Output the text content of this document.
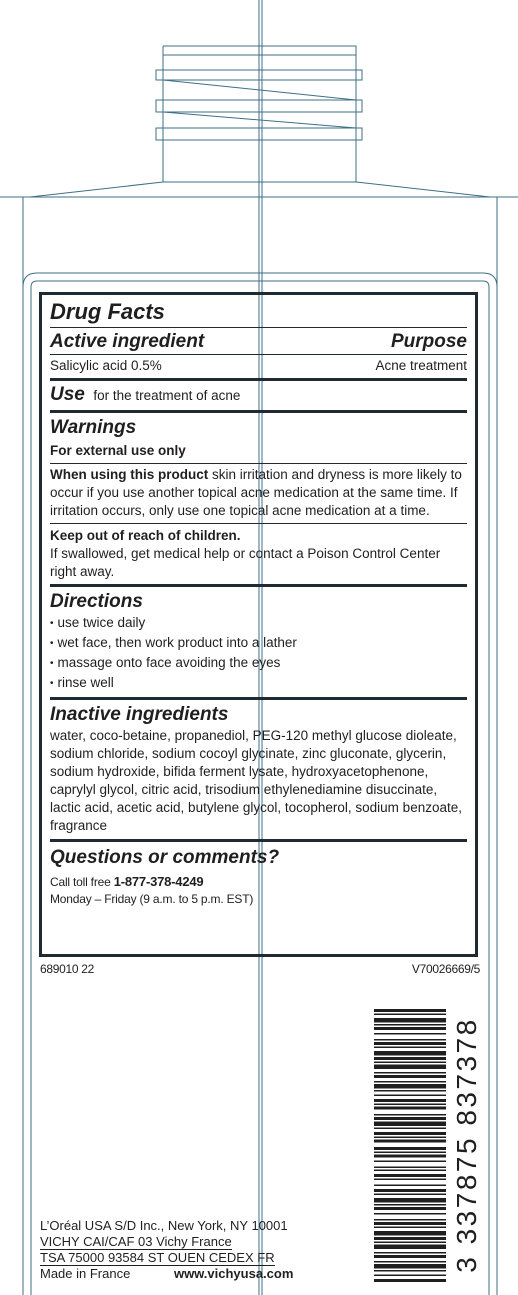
Drug Facts
Active ingredient	Purpose
Salicylic acid 0.5%	Acne treatment
Use for the treatment of acne
Warnings
For external use only
When using this product skin irritation and dryness is more likely to occur if you use another topical acne medication at the same time. If irritation occurs, only use one topical acne medication at a time.
Keep out of reach of children.
If swallowed, get medical help or contact a Poison Control Center right away.
Directions
• use twice daily
• wet face, then work product into a lather
• massage onto face avoiding the eyes
• rinse well
Inactive ingredients
water, coco-betaine, propanediol, PEG-120 methyl glucose dioleate, sodium chloride, sodium cocoyl glycinate, zinc gluconate, glycerin, sodium hydroxide, bifida ferment lysate, hydroxyacetophenone, caprylyl glycol, citric acid, trisodium ethylenediamine disuccinate, lactic acid, acetic acid, butylene glycol, tocopherol, sodium benzoate, fragrance
Questions or comments?
Call toll free 1-877-378-4249
Monday – Friday (9 a.m. to 5 p.m. EST)
689010 22	V70026669/5
3 337875 837378
L’Oréal USA S/D Inc., New York, NY 10001
VICHY CAI/CAF 03 Vichy France
TSA 75000 93584 ST OUEN CEDEX FR
Made in France	www.vichyusa.com
